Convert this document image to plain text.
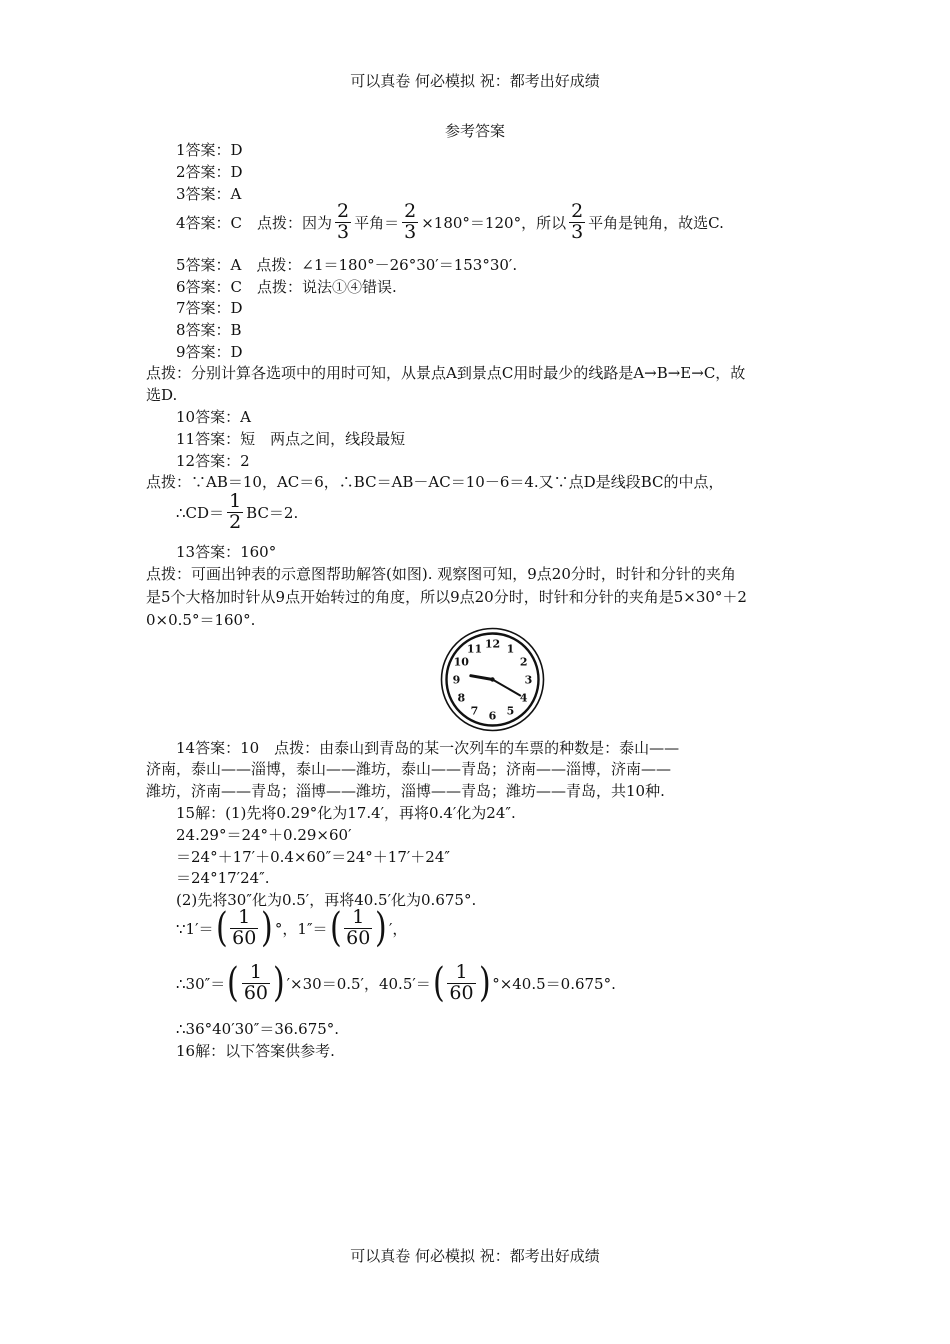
可以真卷 何必模拟 祝：都考出好成绩
参考答案
1答案：D
2答案：D
3答案：A
4答案：C　点拨：因为 $\frac{2}{3}$ 平角＝ $\frac{2}{3} \times 180^\circ=120^\circ$，所以 $\frac{2}{3}$ 平角是钝角，故选C.
5答案：A　点拨：∠1＝180°－26°30′＝153°30′.
6答案：C　点拨：说法①④错误.
7答案：D
8答案：B
9答案：D
点拨：分别计算各选项中的用时可知，从景点A到景点C用时最少的线路是A→B→E→C，故
选D.
10答案：A
11答案：短　两点之间，线段最短
12答案：2
点拨：∵AB＝10，AC＝6，∴BC＝AB－AC＝10－6＝4.又∵点D是线段BC的中点，
∴CD＝ $\frac{1}{2} BC=2$.
13答案：160°
点拨：可画出钟表的示意图帮助解答(如图). 观察图可知，9点20分时，时针和分针的夹角
是5个大格加时针从9点开始转过的角度，所以9点20分时，时针和分针的夹角是5×30°＋2
0×0.5°＝160°.
12 1
2
3
4
5
6
7
8
9
10
11
14答案：10　点拨：由泰山到青岛的某一次列车的车票的种数是：泰山——
济南，泰山——淄博，泰山——潍坊，泰山——青岛；济南——淄博，济南——
潍坊，济南——青岛；淄博——潍坊，淄博——青岛；潍坊——青岛，共10种.
15解：(1)先将0.29°化为17.4′，再将0.4′化为24″.
24.29°＝24°＋0.29×60′
＝24°＋17′＋0.4×60″＝24°＋17′＋24″
＝24°17′24″.
(2)先将30″化为0.5′，再将40.5′化为0.675°.
∵1′＝ ( $\frac{1}{60}$ ) °，1″＝ ( $\frac{1}{60}$ ) ′，
∴30″＝ ( $\frac{1}{60}$ ) ′×30＝0.5′，40.5′＝ ( $\frac{1}{60}$ ) °×40.5＝0.675°.
∴36°40′30″＝36.675°.
16解：以下答案供参考.
可以真卷 何必模拟 祝：都考出好成绩
